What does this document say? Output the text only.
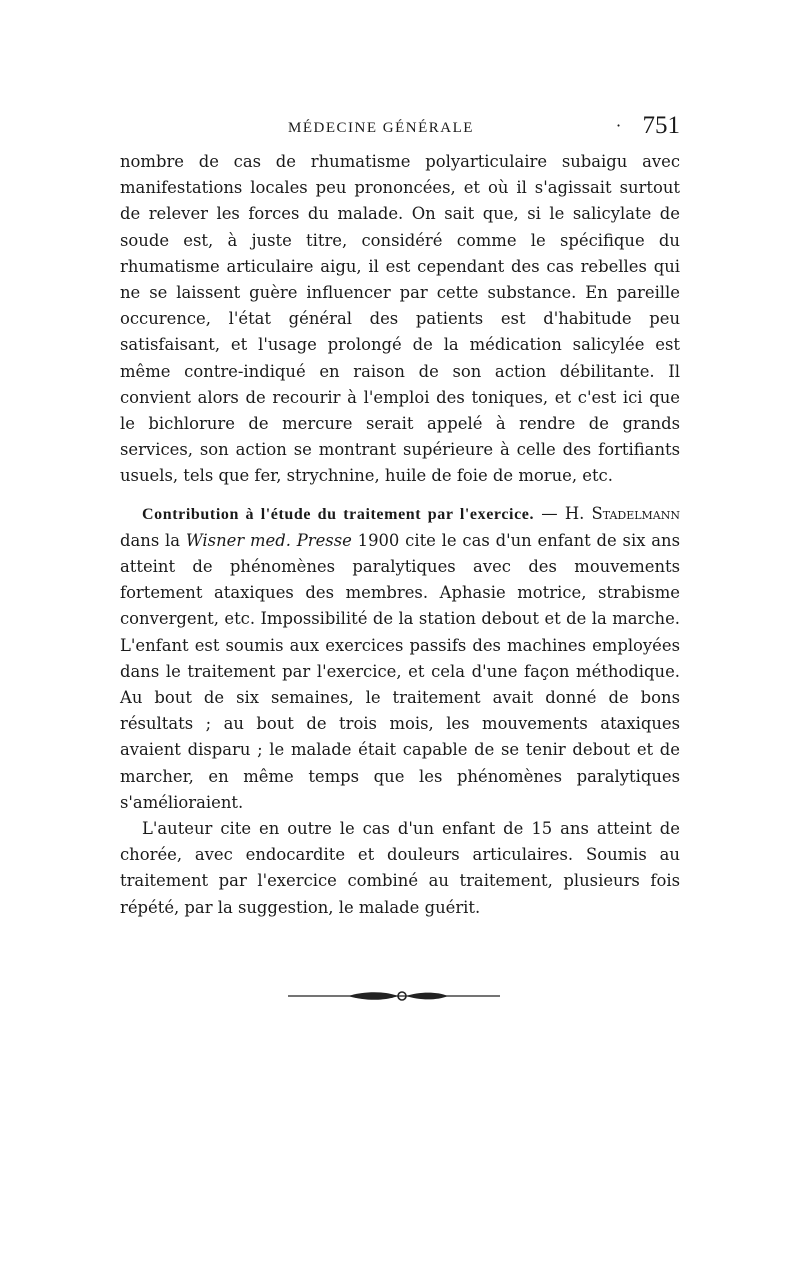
MÉDECINE GÉNÉRALE	· 751

nombre de cas de rhumatisme polyarticulaire subaigu avec manifestations locales peu prononcées, et où il s'agissait surtout de relever les forces du malade. On sait que, si le salicylate de soude est, à juste titre, considéré comme le spécifique du rhumatisme articulaire aigu, il est cependant des cas rebelles qui ne se laissent guère influencer par cette substance. En pareille occurence, l'état général des patients est d'habitude peu satisfaisant, et l'usage prolongé de la médication salicylée est même contre-indiqué en raison de son action débilitante. Il convient alors de recourir à l'emploi des toniques, et c'est ici que le bichlorure de mercure serait appelé à rendre de grands services, son action se montrant supérieure à celle des fortifiants usuels, tels que fer, strychnine, huile de foie de morue, etc.

Contribution à l'étude du traitement par l'exercice. — H. Stadelmann dans la Wisner med. Presse 1900 cite le cas d'un enfant de six ans atteint de phénomènes paralytiques avec des mouvements fortement ataxiques des membres. Aphasie motrice, strabisme convergent, etc. Impossibilité de la station debout et de la marche. L'enfant est soumis aux exercices passifs des machines employées dans le traitement par l'exercice, et cela d'une façon méthodique. Au bout de six semaines, le traitement avait donné de bons résultats ; au bout de trois mois, les mouvements ataxiques avaient disparu ; le malade était capable de se tenir debout et de marcher, en même temps que les phénomènes paralytiques s'amélioraient.

L'auteur cite en outre le cas d'un enfant de 15 ans atteint de chorée, avec endocardite et douleurs articulaires. Soumis au traitement par l'exercice combiné au traitement, plusieurs fois répété, par la suggestion, le malade guérit.
